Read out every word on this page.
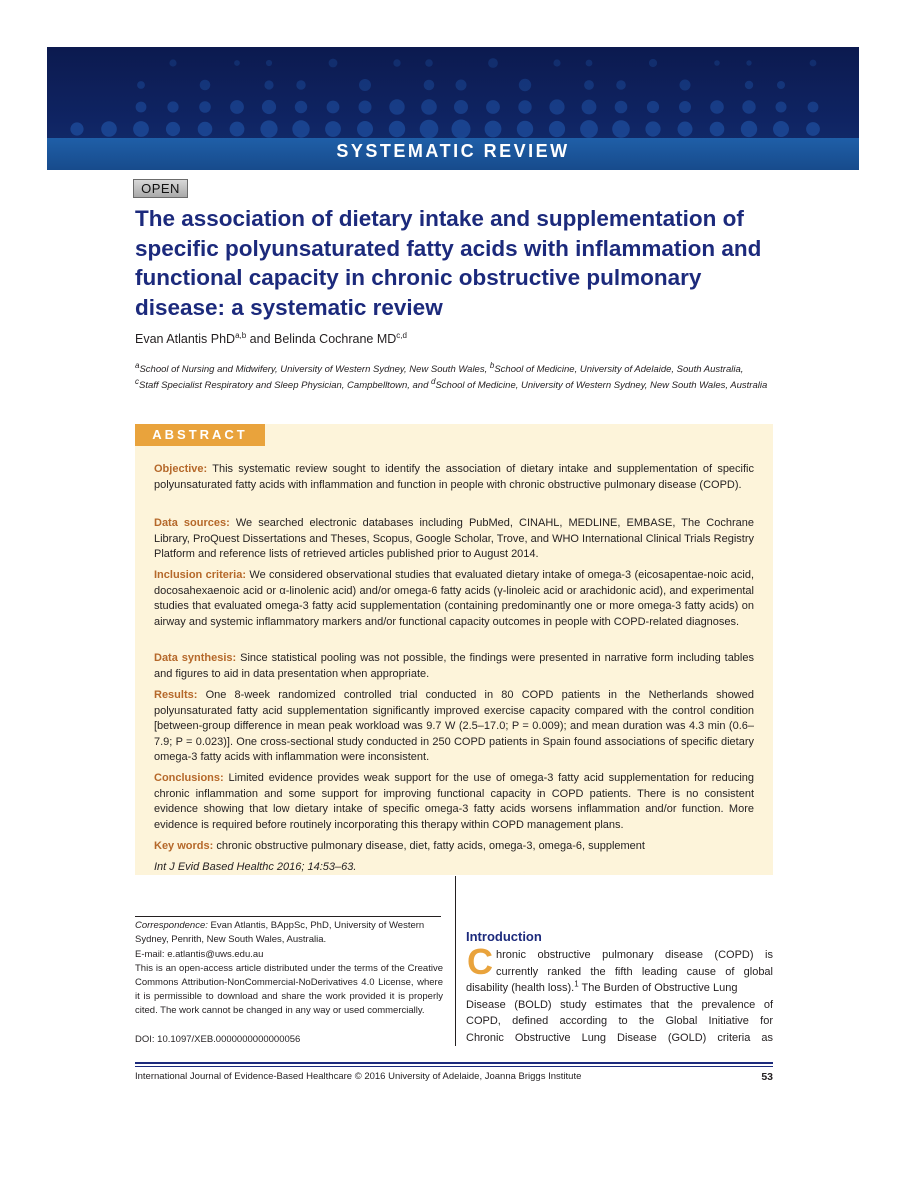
SYSTEMATIC REVIEW
OPEN
The association of dietary intake and supplementation of specific polyunsaturated fatty acids with inflammation and functional capacity in chronic obstructive pulmonary disease: a systematic review
Evan Atlantis PhD$^{a,b}$ and Belinda Cochrane MD$^{c,d}$
$^a$School of Nursing and Midwifery, University of Western Sydney, New South Wales, $^b$School of Medicine, University of Adelaide, South Australia,
$^c$Staff Specialist Respiratory and Sleep Physician, Campbelltown, and $^d$School of Medicine, University of Western Sydney, New South Wales, Australia
ABSTRACT

Objective: This systematic review sought to identify the association of dietary intake and supplementation of specific polyunsaturated fatty acids with inflammation and function in people with chronic obstructive pulmonary disease (COPD).

Data sources: We searched electronic databases including PubMed, CINAHL, MEDLINE, EMBASE, The Cochrane Library, ProQuest Dissertations and Theses, Scopus, Google Scholar, Trove, and WHO International Clinical Trials Registry Platform and reference lists of retrieved articles published prior to August 2014.

Inclusion criteria: We considered observational studies that evaluated dietary intake of omega-3 (eicosapentae-noic acid, docosahexaenoic acid or α-linolenic acid) and/or omega-6 fatty acids (γ-linoleic acid or arachidonic acid), and experimental studies that evaluated omega-3 fatty acid supplementation (containing predominantly one or more omega-3 fatty acids) on airway and systemic inflammatory markers and/or functional capacity outcomes in people with COPD-related diagnoses.

Data synthesis: Since statistical pooling was not possible, the findings were presented in narrative form including tables and figures to aid in data presentation when appropriate.

Results: One 8-week randomized controlled trial conducted in 80 COPD patients in the Netherlands showed polyunsaturated fatty acid supplementation significantly improved exercise capacity compared with the control condition [between-group difference in mean peak workload was 9.7 W (2.5–17.0; P = 0.009); and mean duration was 4.3 min (0.6–7.9; P = 0.023)]. One cross-sectional study conducted in 250 COPD patients in Spain found associations of specific dietary omega-3 fatty acids with inflammation were inconsistent.

Conclusions: Limited evidence provides weak support for the use of omega-3 fatty acid supplementation for reducing chronic inflammation and some support for improving functional capacity in COPD patients. There is no consistent evidence showing that low dietary intake of specific omega-3 fatty acids worsens inflammation and/or function. More evidence is required before routinely incorporating this therapy within COPD management plans.

Key words: chronic obstructive pulmonary disease, diet, fatty acids, omega-3, omega-6, supplement

Int J Evid Based Healthc 2016; 14:53–63.

Correspondence: Evan Atlantis, BAppSc, PhD, University of Western Sydney, Penrith, New South Wales, Australia.
E-mail: e.atlantis@uws.edu.au
This is an open-access article distributed under the terms of the Creative Commons Attribution-NonCommercial-NoDerivatives 4.0 License, where it is permissible to download and share the work provided it is properly cited. The work cannot be changed in any way or used commercially.
DOI: 10.1097/XEB.0000000000000056
Introduction
C hronic obstructive pulmonary disease (COPD) is
currently ranked the fifth leading cause of global
disability (health loss).$^1$ The Burden of Obstructive Lung
Disease (BOLD) study estimates that the prevalence of
COPD, defined according to the Global Initiative for
Chronic Obstructive Lung Disease (GOLD) criteria as
International Journal of Evidence-Based Healthcare © 2016 University of Adelaide, Joanna Briggs Institute	53
